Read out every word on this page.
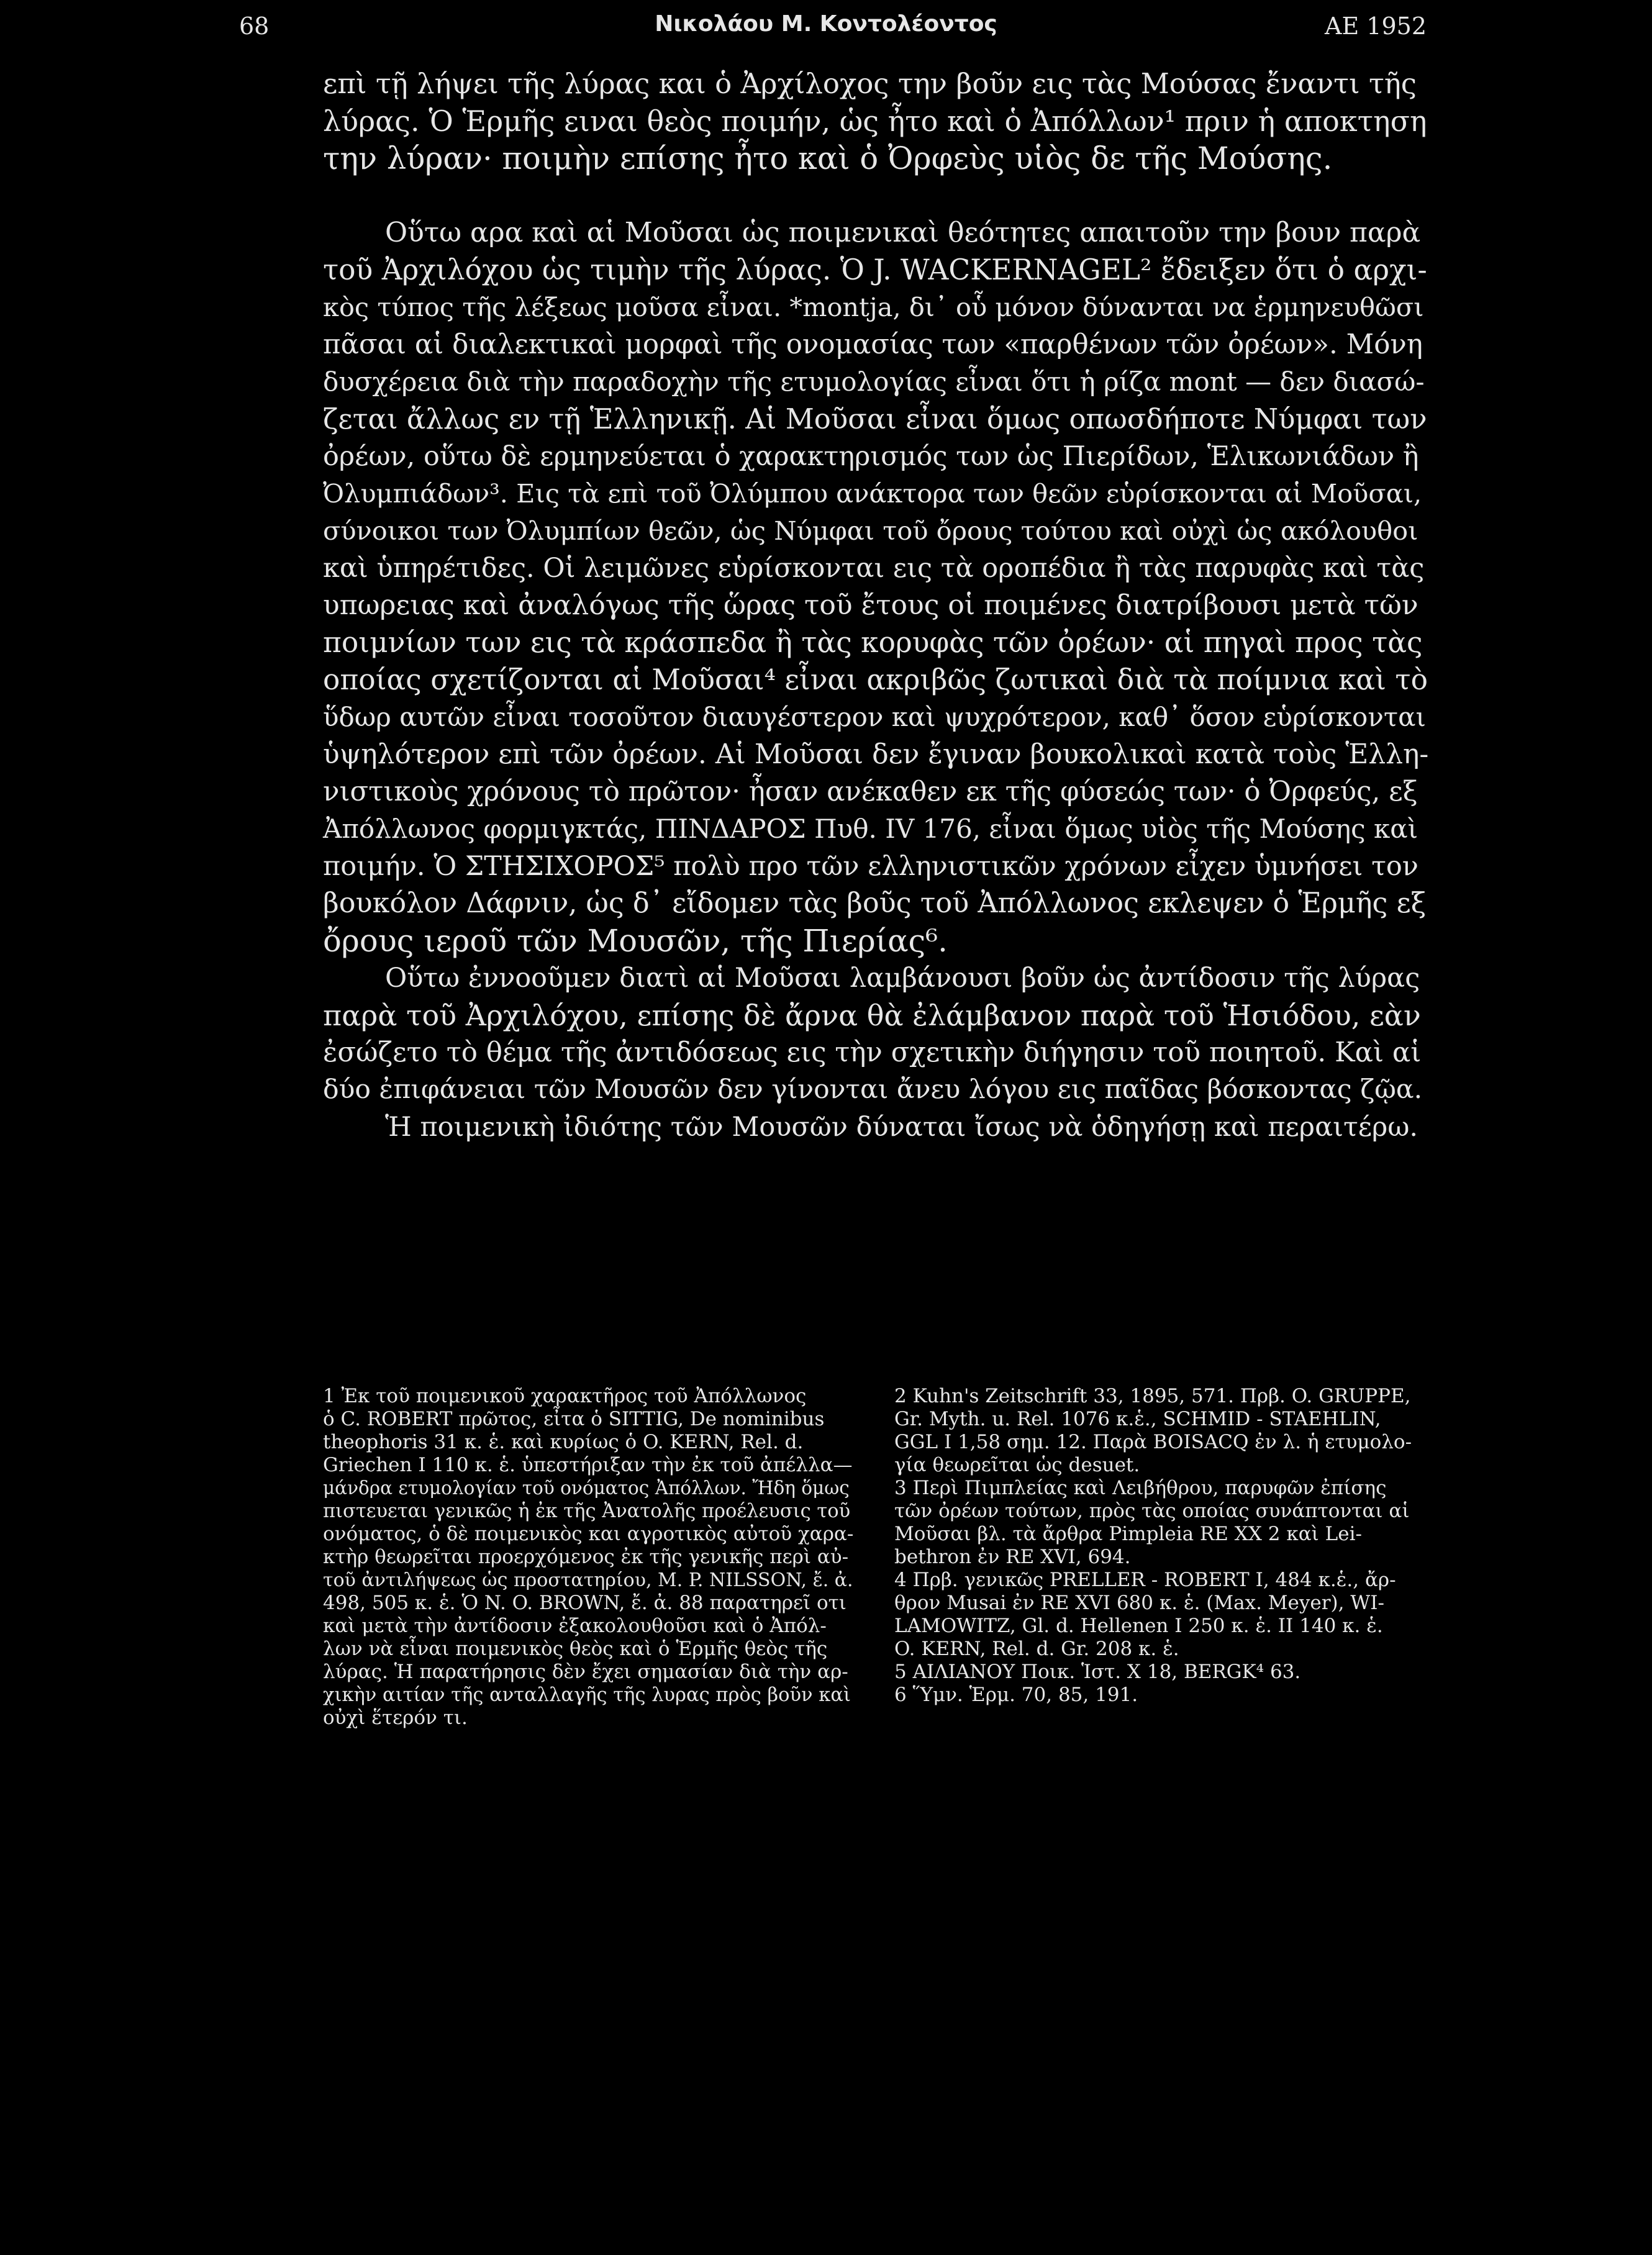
68	Νικολάου Μ. Κοντολέοντος	ΑΕ 1952
επὶ τῇ λήψει τῆς λύρας και ὁ Ἀρχίλοχος την βοῦν εις τὰς Μούσας ἔναντι τῆς
λύρας. Ὁ Ἑρμῆς ειναι θεὸς ποιμήν, ὡς ἦτο καὶ ὁ Ἀπόλλων¹ πριν ἡ αποκτηση
την λύραν· ποιμὴν επίσης ἦτο καὶ ὁ Ὀρφεὺς υἱὸς δε τῆς Μούσης.
Οὕτω αρα καὶ αἱ Μοῦσαι ὡς ποιμενικαὶ θεότητες απαιτοῦν την βουν παρὰ
τοῦ Ἀρχιλόχου ὡς τιμὴν τῆς λύρας. Ὁ J. WACKERNAGEL² ἔδειξεν ὅτι ὁ αρχι-
κὸς τύπος τῆς λέξεως μοῦσα εἶναι. *montja, δι᾽ οὗ μόνον δύνανται να ἑρμηνευθῶσι
πᾶσαι αἱ διαλεκτικαὶ μορφαὶ τῆς ονομασίας των «παρθένων τῶν ὀρέων». Μόνη
δυσχέρεια διὰ τὴν παραδοχὴν τῆς ετυμολογίας εἶναι ὅτι ἡ ρίζα mont — δεν διασώ-
ζεται ἄλλως εν τῇ Ἑλληνικῇ. Αἱ Μοῦσαι εἶναι ὅμως οπωσδήποτε Νύμφαι των
ὀρέων, οὕτω δὲ ερμηνεύεται ὁ χαρακτηρισμός των ὡς Πιερίδων, Ἑλικωνιάδων ἢ
Ὀλυμπιάδων³. Εις τὰ επὶ τοῦ Ὀλύμπου ανάκτορα των θεῶν εὑρίσκονται αἱ Μοῦσαι,
σύνοικοι των Ὀλυμπίων θεῶν, ὡς Νύμφαι τοῦ ὄρους τούτου καὶ οὐχὶ ὡς ακόλουθοι
καὶ ὑπηρέτιδες. Οἱ λειμῶνες εὑρίσκονται εις τὰ οροπέδια ἢ τὰς παρυφὰς καὶ τὰς
υπωρειας καὶ ἀναλόγως τῆς ὥρας τοῦ ἔτους οἱ ποιμένες διατρίβουσι μετὰ τῶν
ποιμνίων των εις τὰ κράσπεδα ἢ τὰς κορυφὰς τῶν ὀρέων· αἱ πηγαὶ προς τὰς
οποίας σχετίζονται αἱ Μοῦσαι⁴ εἶναι ακριβῶς ζωτικαὶ διὰ τὰ ποίμνια καὶ τὸ
ὕδωρ αυτῶν εἶναι τοσοῦτον διαυγέστερον καὶ ψυχρότερον, καθ᾽ ὅσον εὑρίσκονται
ὑψηλότερον επὶ τῶν ὀρέων. Αἱ Μοῦσαι δεν ἔγιναν βουκολικαὶ κατὰ τοὺς Ἑλλη-
νιστικοὺς χρόνους τὸ πρῶτον· ἦσαν ανέκαθεν εκ τῆς φύσεώς των· ὁ Ὀρφεύς, εξ
Ἀπόλλωνος φορμιγκτάς, ΠΙΝΔΑΡΟΣ Πυθ. IV 176, εἶναι ὅμως υἱὸς τῆς Μούσης καὶ
ποιμήν. Ὁ ΣΤΗΣΙΧΟΡΟΣ⁵ πολὺ προ τῶν ελληνιστικῶν χρόνων εἶχεν ὑμνήσει τον
βουκόλον Δάφνιν, ὡς δ᾽ εἴδομεν τὰς βοῦς τοῦ Ἀπόλλωνος εκλεψεν ὁ Ἑρμῆς εξ
ὄρους ιεροῦ τῶν Μουσῶν, τῆς Πιερίας⁶.
Οὕτω ἐννοοῦμεν διατὶ αἱ Μοῦσαι λαμβάνουσι βοῦν ὡς ἀντίδοσιν τῆς λύρας
παρὰ τοῦ Ἀρχιλόχου, επίσης δὲ ἄρνα θὰ ἐλάμβανον παρὰ τοῦ Ἡσιόδου, εὰν
ἐσώζετο τὸ θέμα τῆς ἀντιδόσεως εις τὴν σχετικὴν διήγησιν τοῦ ποιητοῦ. Καὶ αἱ
δύο ἐπιφάνειαι τῶν Μουσῶν δεν γίνονται ἄνευ λόγου εις παῖδας βόσκοντας ζῷα.
Ἡ ποιμενικὴ ἰδιότης τῶν Μουσῶν δύναται ἴσως νὰ ὁδηγήσῃ καὶ περαιτέρω.
1 Ἐκ τοῦ ποιμενικοῦ χαρακτῆρος τοῦ Ἀπόλλωνος
ὁ C. ROBERT πρῶτος, εἶτα ὁ SITTIG, De nominibus
theophoris 31 κ. ἑ. καὶ κυρίως ὁ O. KERN, Rel. d.
Griechen I 110 κ. ἑ. ὑπεστήριξαν τὴν ἐκ τοῦ ἀπέλλα—
μάνδρα ετυμολογίαν τοῦ ονόματος Ἀπόλλων. Ἤδη ὅμως
πιστευεται γενικῶς ἡ ἐκ τῆς Ἀνατολῆς προέλευσις τοῦ
ονόματος, ὁ δὲ ποιμενικὸς και αγροτικὸς αὐτοῦ χαρα-
κτὴρ θεωρεῖται προερχόμενος ἐκ τῆς γενικῆς περὶ αὐ-
τοῦ ἀντιλήψεως ὡς προστατηρίου, M. P. NILSSON, ἔ. ἀ.
498, 505 κ. ἑ. Ὁ N. O. BROWN, ἔ. ἀ. 88 παρατηρεῖ οτι
καὶ μετὰ τὴν ἀντίδοσιν ἐξακολουθοῦσι καὶ ὁ Ἀπόλ-
λων νὰ εἶναι ποιμενικὸς θεὸς καὶ ὁ Ἑρμῆς θεὸς τῆς
λύρας. Ἡ παρατήρησις δὲν ἔχει σημασίαν διὰ τὴν αρ-
χικὴν αιτίαν τῆς ανταλλαγῆς τῆς λυρας πρὸς βοῦν καὶ
οὐχὶ ἕτερόν τι.
2 Kuhn's Zeitschrift 33, 1895, 571. Πρβ. O. GRUPPE,
Gr. Myth. u. Rel. 1076 κ.ἑ., SCHMID - STAEHLIN,
GGL I 1,58 σημ. 12. Παρὰ BOISACQ ἐν λ. ἡ ετυμολο-
γία θεωρεῖται ὡς desuet.
3 Περὶ Πιμπλείας καὶ Λειβήθρου, παρυφῶν ἐπίσης
τῶν ὀρέων τούτων, πρὸς τὰς οποίας συνάπτονται αἱ
Μοῦσαι βλ. τὰ ἄρθρα Pimpleia RE XX 2 καὶ Lei-
bethron ἐν RE XVI, 694.
4 Πρβ. γενικῶς PRELLER - ROBERT I, 484 κ.ἑ., ἄρ-
θρον Musai ἐν RE XVI 680 κ. ἑ. (Max. Meyer), WI-
LAMOWITZ, Gl. d. Hellenen I 250 κ. ἑ. II 140 κ. ἑ.
O. KERN, Rel. d. Gr. 208 κ. ἑ.
5 ΑΙΛΙΑΝΟΥ Ποικ. Ἱστ. X 18, BERGK⁴ 63.
6 Ὕμν. Ἑρμ. 70, 85, 191.
